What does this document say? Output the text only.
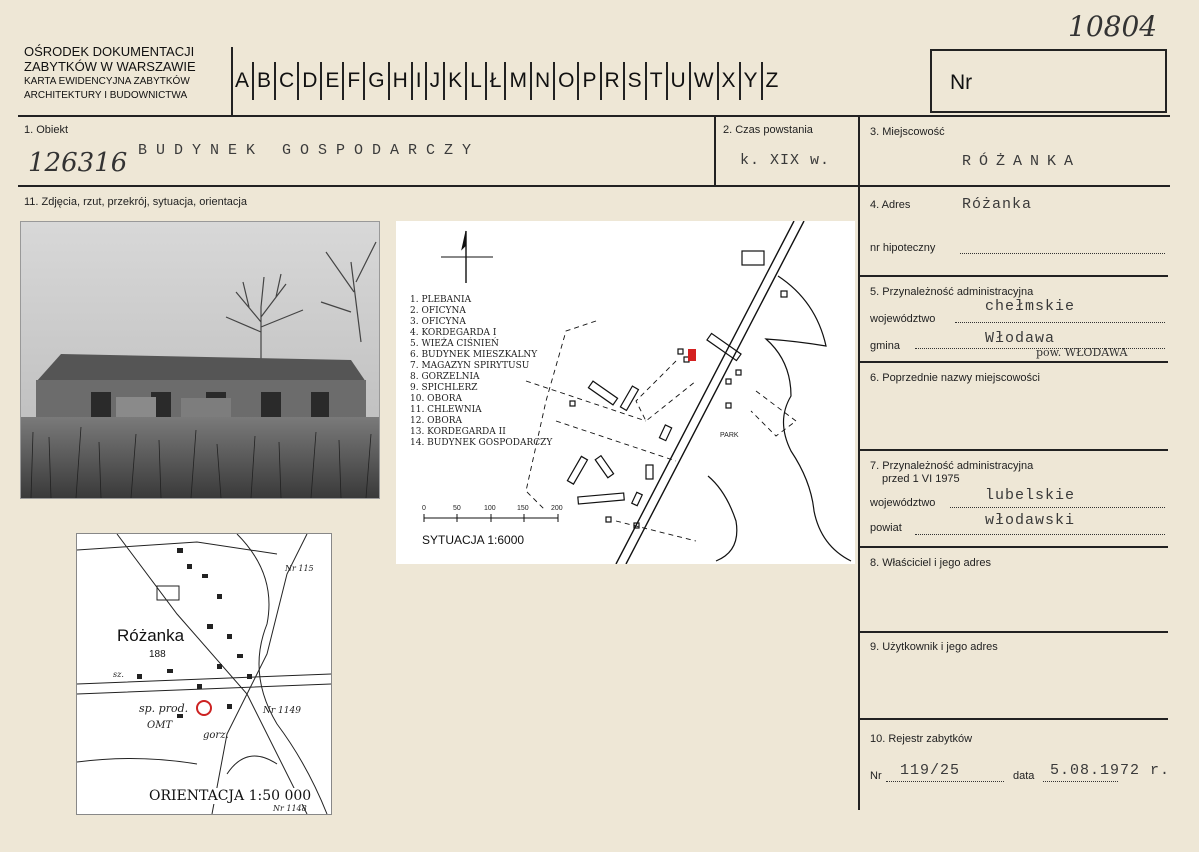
10804
OŚRODEK DOKUMENTACJI
ZABYTKÓW W WARSZAWIE
KARTA EWIDENCYJNA ZABYTKÓW
ARCHITEKTURY I BUDOWNICTWA
A B C D E F G H I J K L Ł M N O P R S T U W X Y Z	Nr
1. Obiekt
126316 BUDYNEK GOSPODARCZY
2. Czas powstania
k. XIX w.
3. Miejscowość
RÓŻANKA
11. Zdjęcia, rzut, przekrój, sytuacja, orientacja	4. Adres	Różanka
nr hipoteczny
5. Przynależność administracyjna
województwo
chełmskie
gmina	Włodawa
pow. WŁODAWA
6. Poprzednie nazwy miejscowości
7. Przynależność administracyjna
przed 1 VI 1975
województwo	lubelskie
powiat	włodawski
8. Właściciel i jego adres
9. Użytkownik i jego adres
10. Rejestr zabytków
Nr 119/25	data 5.08.1972 r.
1. PLEBANIA
2. OFICYNA
3. OFICYNA
4. KORDEGARDA I
5. WIEŻA CIŚNIEŃ
6. BUDYNEK MIESZKALNY
7. MAGAZYN SPIRYTUSU
8. GORZELNIA
9. SPICHLERZ
10. OBORA
11. CHLEWNIA
12. OBORA
13. KORDEGARDA II
14. BUDYNEK GOSPODARCZY
PARK
0	50	100	150	200
SYTUACJA 1:6000
Różanka
188
sp. prod.
OMT
gorz.
Nr 1149
Nr 1148
Nr 115
sz.
ORIENTACJA 1:50 000
